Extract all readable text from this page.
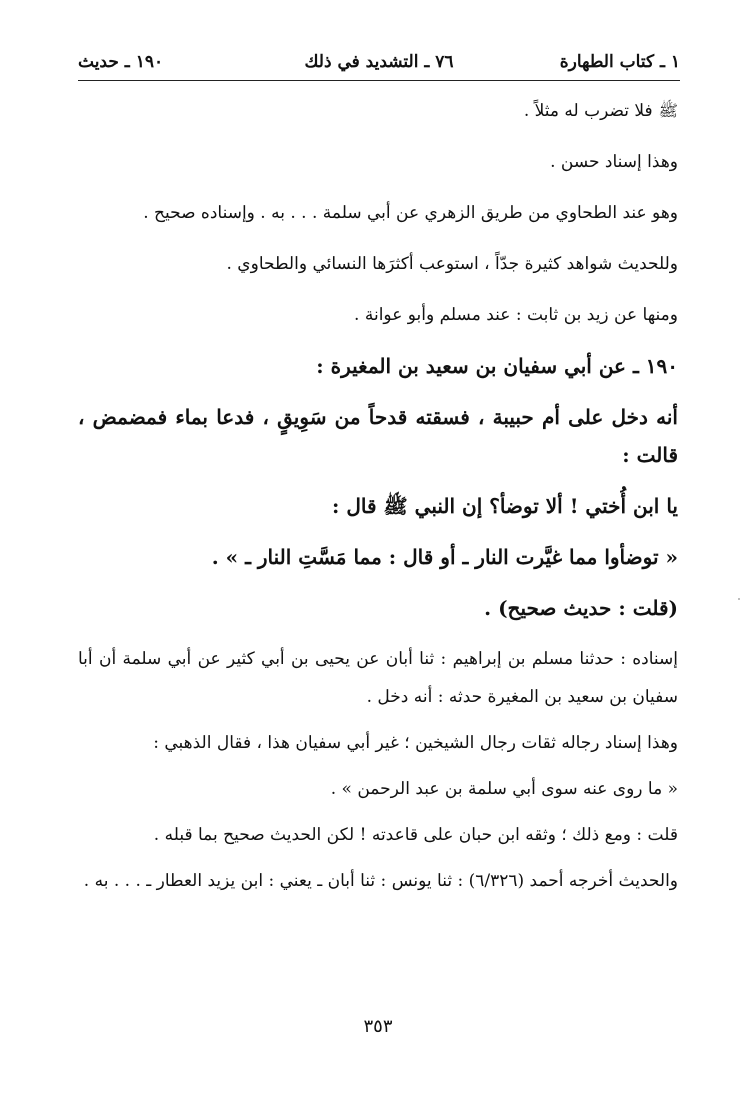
١ ـ كتاب الطهارة
٧٦ ـ التشديد في ذلك
١٩٠ ـ حديث

ﷺفلا تضرب له مثلاً .

وهذا إسناد حسن .

وهو عند الطحاوي من طريق الزهري عن أبي سلمة . . . به . وإسناده صحيح .

وللحديث شواهد كثيرة جدّاً ، استوعب أكثرَها النسائي والطحاوي .

ومنها عن زيد بن ثابت : عند مسلم وأبو عوانة .

١٩٠ ـ عن أبي سفيان بن سعيد بن المغيرة :

أنه دخل على أم حبيبة ، فسقته قدحاً من سَوِيقٍ ، فدعا بماء فمضمض ، قالت :

يا ابن أُختي ! ألا توضأ؟ إن النبي ﷺ قال :

« توضأوا مما غيَّرت النار ـ أو قال : مما مَسَّتِ النار ـ » .

(قلت : حديث صحيح) .

إسناده : حدثنا مسلم بن إبراهيم : ثنا أبان عن يحيى بن أبي كثير عن أبي سلمة أن أبا سفيان بن سعيد بن المغيرة حدثه : أنه دخل .

وهذا إسناد رجاله ثقات رجال الشيخين ؛ غير أبي سفيان هذا ، فقال الذهبي :

« ما روى عنه سوى أبي سلمة بن عبد الرحمن » .

قلت : ومع ذلك ؛ وثقه ابن حبان على قاعدته ! لكن الحديث صحيح بما قبله .

والحديث أخرجه أحمد (٦/٣٢٦) : ثنا يونس : ثنا أبان ـ يعني : ابن يزيد العطار ـ . . . به .

٣٥٣
